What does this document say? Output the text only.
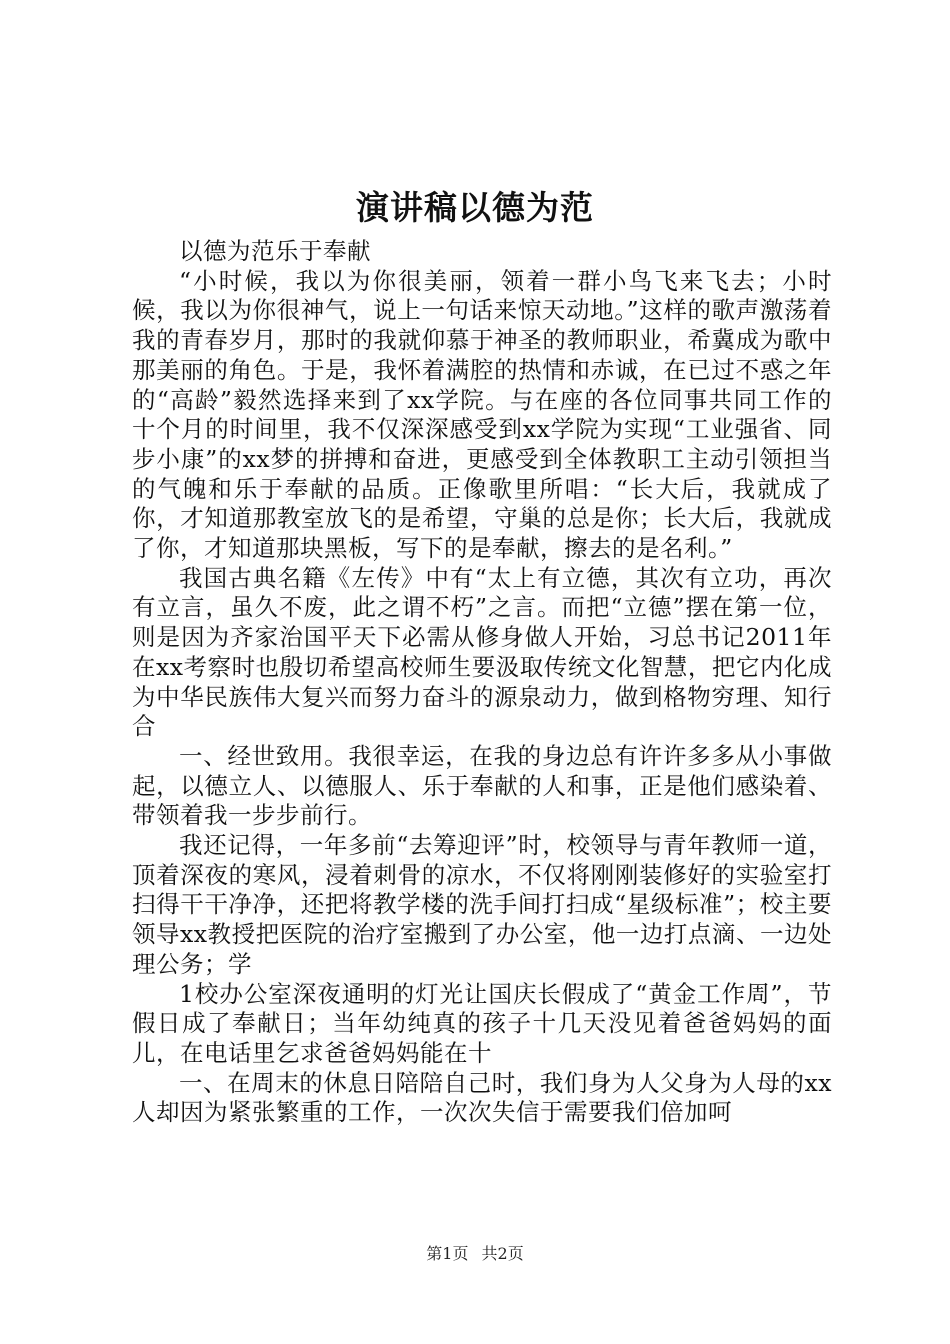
演讲稿以德为范

以德为范乐于奉献

“小时候，我以为你很美丽，领着一群小鸟飞来飞去；小时候，我以为你很神气，说上一句话来惊天动地。”这样的歌声激荡着我的青春岁月，那时的我就仰慕于神圣的教师职业，希冀成为歌中那美丽的角色。于是，我怀着满腔的热情和赤诚，在已过不惑之年的“高龄”毅然选择来到了xx学院。与在座的各位同事共同工作的十个月的时间里，我不仅深深感受到xx学院为实现“工业强省、同步小康”的xx梦的拼搏和奋进，更感受到全体教职工主动引领担当的气魄和乐于奉献的品质。正像歌里所唱：“长大后，我就成了你，才知道那教室放飞的是希望，守巢的总是你；长大后，我就成了你，才知道那块黑板，写下的是奉献，擦去的是名利。”

我国古典名籍《左传》中有“太上有立德，其次有立功，再次有立言，虽久不废，此之谓不朽”之言。而把“立德”摆在第一位，则是因为齐家治国平天下必需从修身做人开始，习总书记2011年在xx考察时也殷切希望高校师生要汲取传统文化智慧，把它内化成为中华民族伟大复兴而努力奋斗的源泉动力，做到格物穷理、知行合

一、经世致用。我很幸运，在我的身边总有许许多多从小事做起，以德立人、以德服人、乐于奉献的人和事，正是他们感染着、带领着我一步步前行。

我还记得，一年多前“去筹迎评”时，校领导与青年教师一道，顶着深夜的寒风，浸着刺骨的凉水，不仅将刚刚装修好的实验室打扫得干干净净，还把将教学楼的洗手间打扫成“星级标准”；校主要领导xx教授把医院的治疗室搬到了办公室，他一边打点滴、一边处理公务；学

1校办公室深夜通明的灯光让国庆长假成了“黄金工作周”，节假日成了奉献日；当年幼纯真的孩子十几天没见着爸爸妈妈的面儿，在电话里乞求爸爸妈妈能在十

一、在周末的休息日陪陪自己时，我们身为人父身为人母的xx人却因为紧张繁重的工作，一次次失信于需要我们倍加呵

第1页 共2页
